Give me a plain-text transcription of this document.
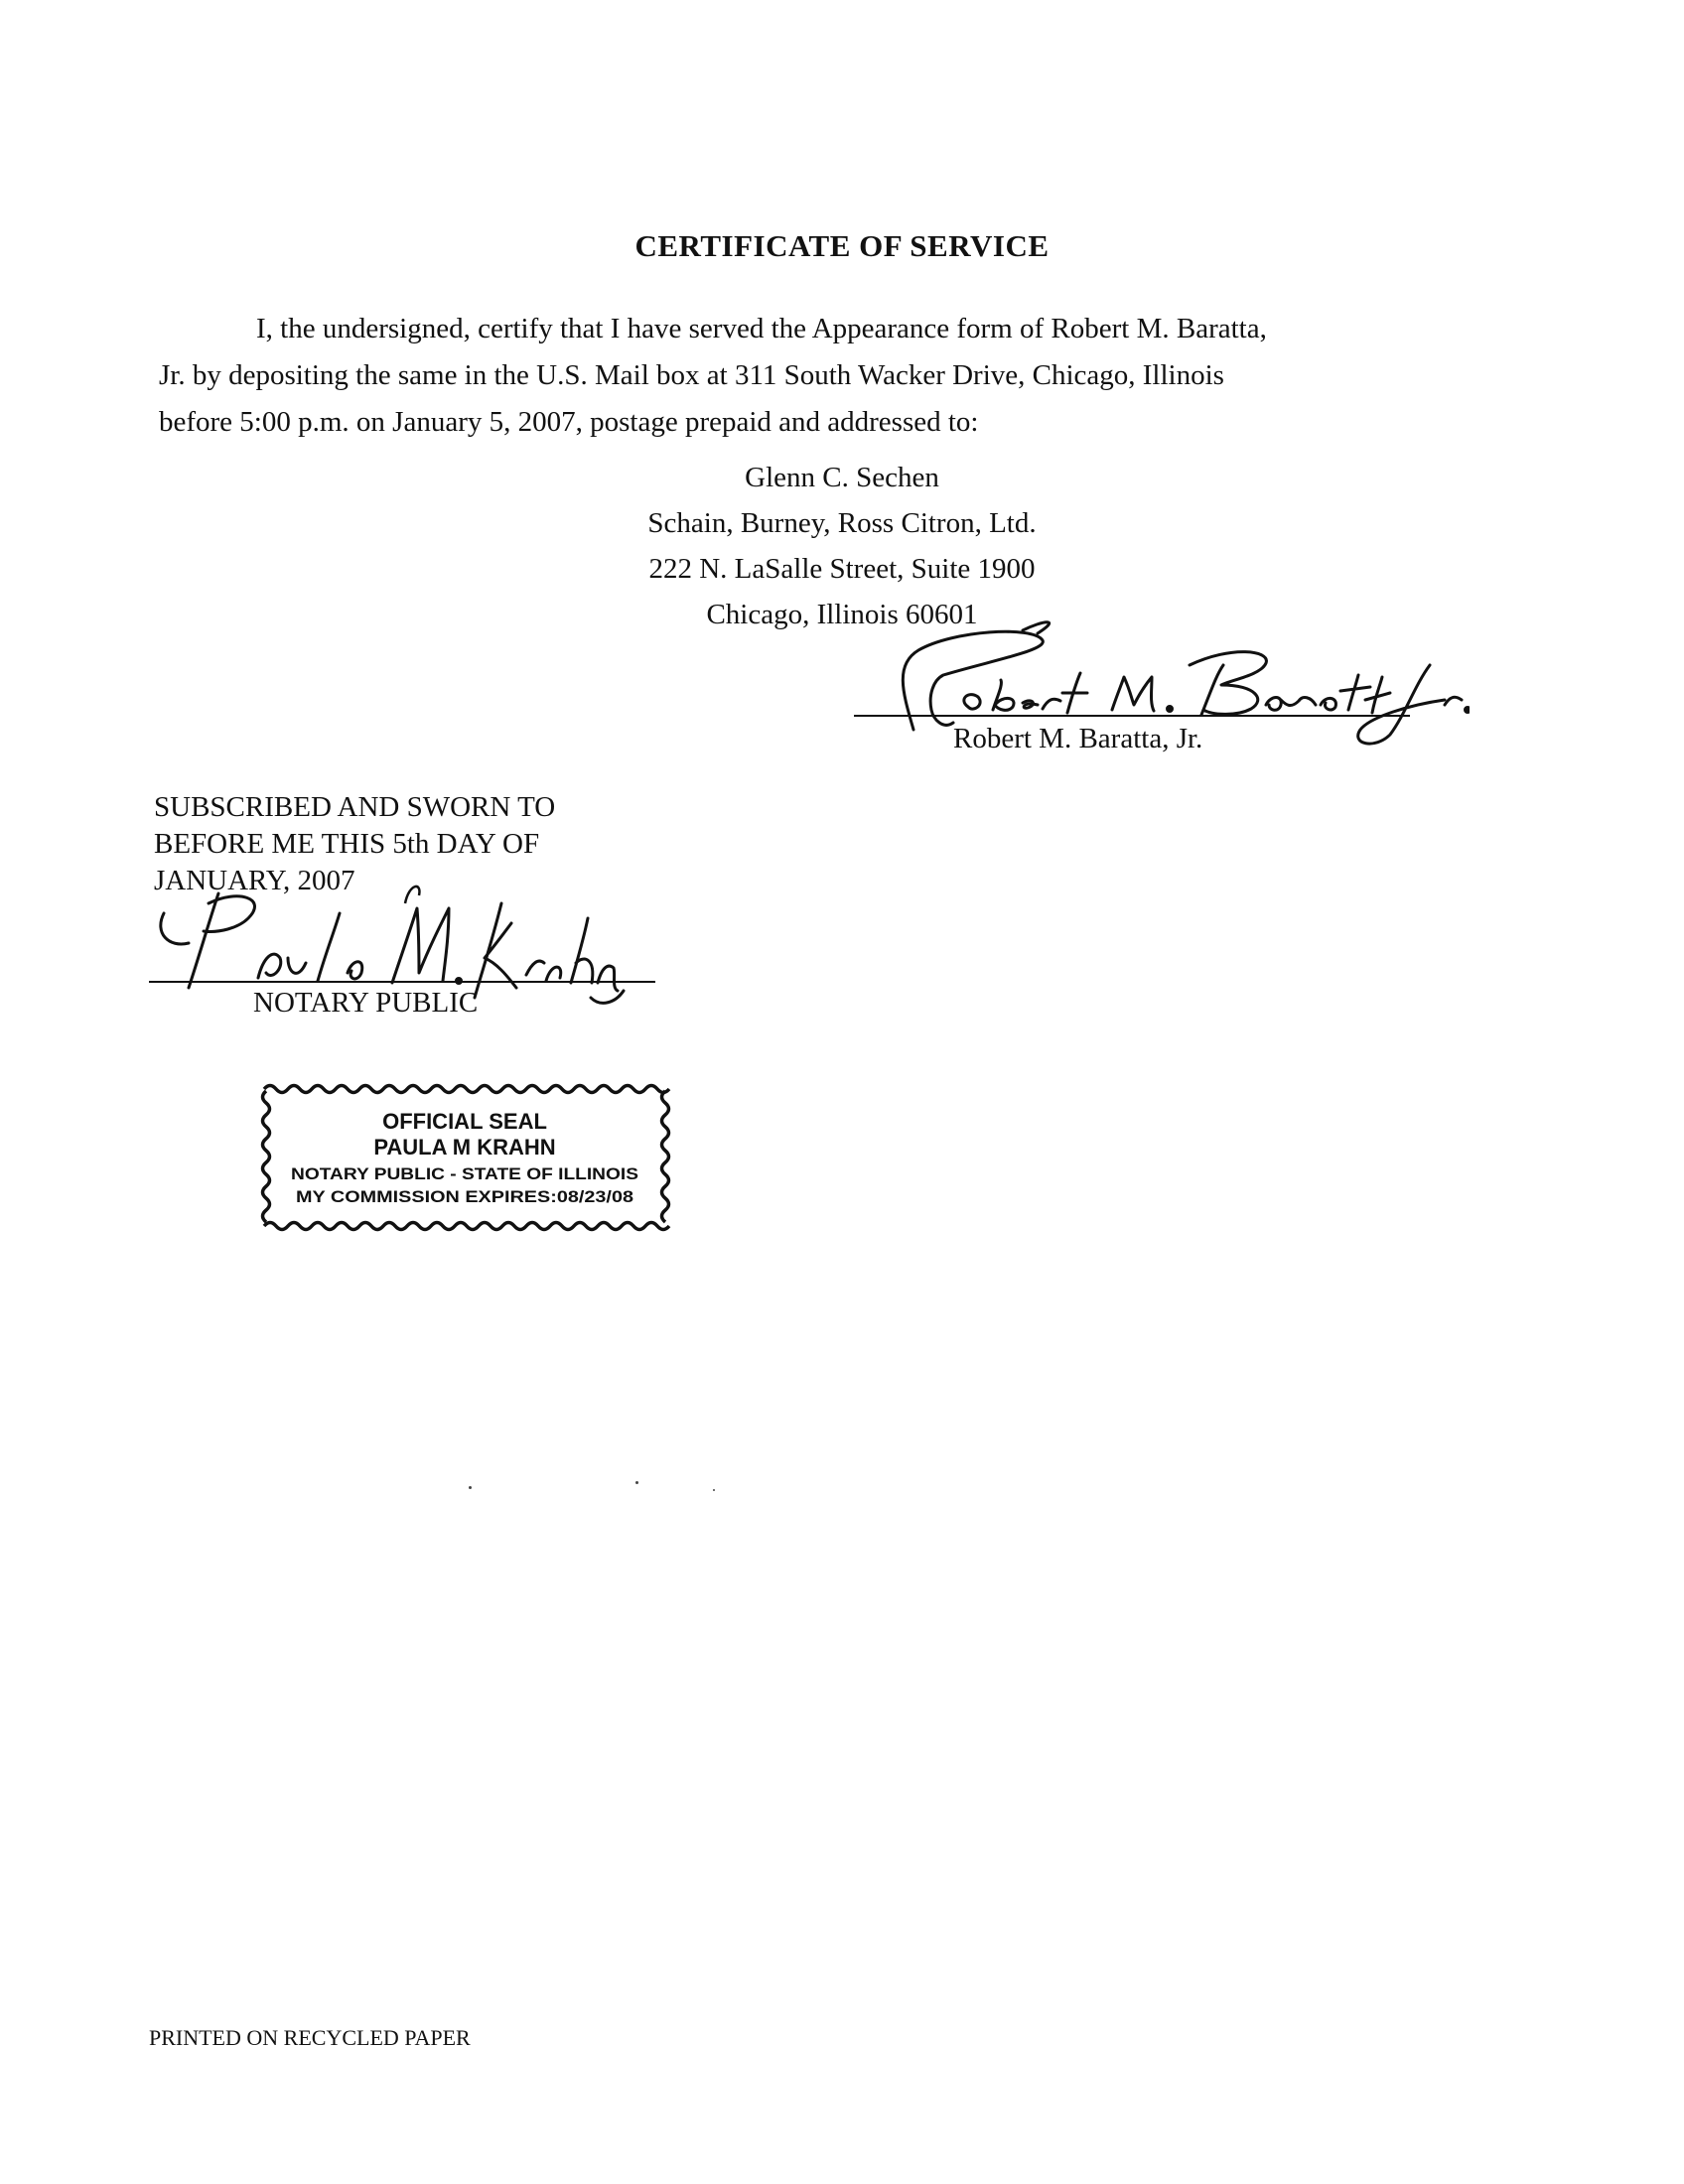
CERTIFICATE OF SERVICE
I, the undersigned, certify that I have served the Appearance form of Robert M. Baratta,
Jr. by depositing the same in the U.S. Mail box at 311 South Wacker Drive, Chicago, Illinois
before 5:00 p.m. on January 5, 2007, postage prepaid and addressed to:
Glenn C. Sechen
Schain, Burney, Ross Citron, Ltd.
222 N. LaSalle Street, Suite 1900
Chicago, Illinois 60601
Robert M. Baratta, Jr.
SUBSCRIBED AND SWORN TO
BEFORE ME THIS 5th DAY OF
JANUARY, 2007
NOTARY PUBLIC
OFFICIAL SEAL
PAULA M KRAHN
NOTARY PUBLIC - STATE OF ILLINOIS
MY COMMISSION EXPIRES:08/23/08
PRINTED ON RECYCLED PAPER
